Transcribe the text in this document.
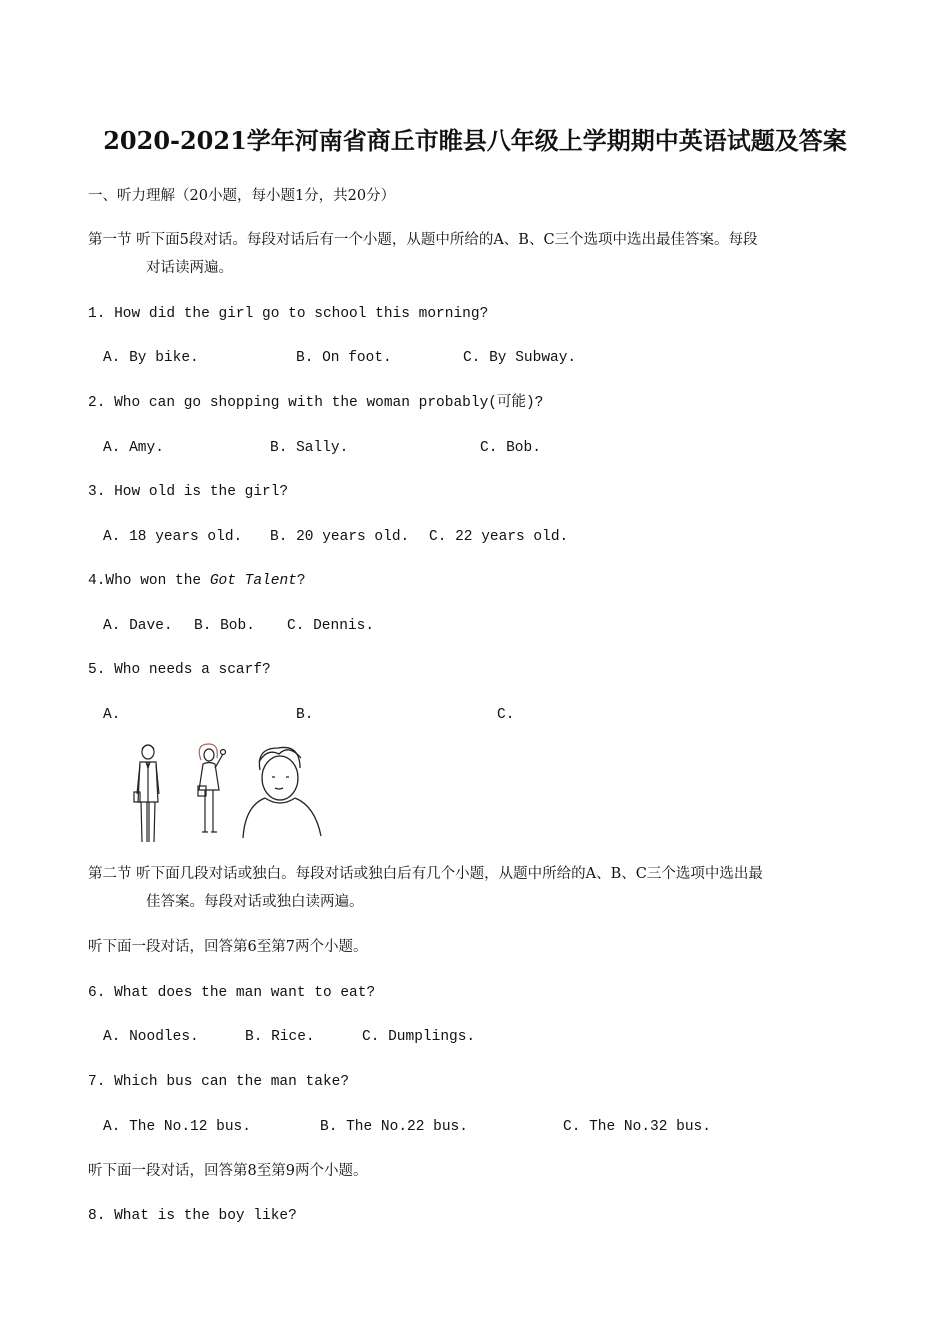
2020-2021学年河南省商丘市睢县八年级上学期期中英语试题及答案
一、听力理解（20小题，每小题1分，共20分）
第一节 听下面5段对话。每段对话后有一个小题，从题中所给的A、B、C三个选项中选出最佳答案。每段
对话读两遍。
1. How did the girl go to school this morning?
A. By bike.	B. On foot.	C. By Subway.
2. Who can go shopping with the woman probably(可能)?
A. Amy.	B. Sally.	C. Bob.
3. How old is the girl?
A. 18 years old. B. 20 years old. C. 22 years old.
4.Who won the Got Talent?
A. Dave. B. Bob. C. Dennis.
5. Who needs a scarf?
A.	B.	C.
第二节 听下面几段对话或独白。每段对话或独白后有几个小题，从题中所给的A、B、C三个选项中选出最
佳答案。每段对话或独白读两遍。
听下面一段对话，回答第6至第7两个小题。
6. What does the man want to eat?
A. Noodles.	B. Rice.	C. Dumplings.
7. Which bus can the man take?
A. The No.12 bus.	B. The No.22 bus.	C. The No.32 bus.
听下面一段对话，回答第8至第9两个小题。
8. What is the boy like?
